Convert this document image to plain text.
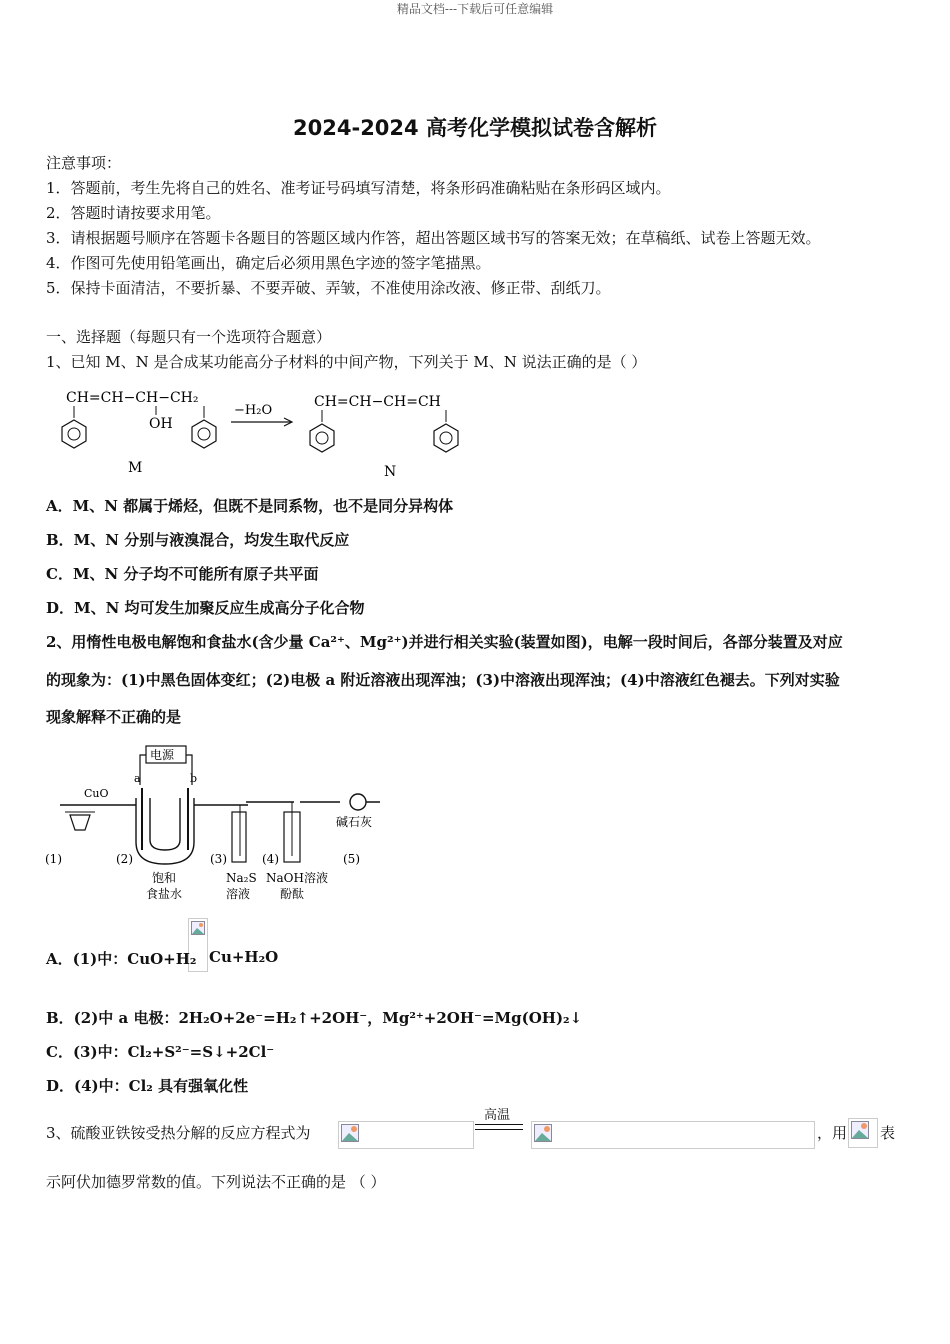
精品文档---下载后可任意编辑
2024-2024 高考化学模拟试卷含解析
注意事项：
1．答题前，考生先将自己的姓名、准考证号码填写清楚，将条形码准确粘贴在条形码区域内。
2．答题时请按要求用笔。
3．请根据题号顺序在答题卡各题目的答题区域内作答，超出答题区域书写的答案无效；在草稿纸、试卷上答题无效。
4．作图可先使用铅笔画出，确定后必须用黑色字迹的签字笔描黑。
5．保持卡面清洁，不要折暴、不要弄破、弄皱，不准使用涂改液、修正带、刮纸刀。
一、选择题（每题只有一个选项符合题意）
1、已知 M、N 是合成某功能高分子材料的中间产物，下列关于 M、N 说法正确的是（ ）
CH=CH−CH−CH₂
OH
−H₂O
CH=CH−CH=CH
M	N
A．M、N 都属于烯烃，但既不是同系物，也不是同分异构体
B．M、N 分别与液溴混合，均发生取代反应
C．M、N 分子均不可能所有原子共平面
D．M、N 均可发生加聚反应生成高分子化合物
2、用惰性电极电解饱和食盐水(含少量 Ca²⁺、Mg²⁺)并进行相关实验(装置如图)，电解一段时间后，各部分装置及对应
的现象为：(1)中黑色固体变红；(2)电极 a 附近溶液出现浑浊；(3)中溶液出现浑浊；(4)中溶液红色褪去。下列对实验
现象解释不正确的是
电源
a	b
CuO
碱石灰
(1)	(2)	(3)	(4)	(5)
饱和
食盐水
Na₂S
溶液
NaOH溶液
酚酞
A．(1)中：CuO+H₂ Cu+H₂O
B．(2)中 a 电极：2H₂O+2e⁻=H₂↑+2OH⁻，Mg²⁺+2OH⁻=Mg(OH)₂↓
C．(3)中：Cl₂+S²⁻=S↓+2Cl⁻
D．(4)中：Cl₂ 具有强氧化性
3、硫酸亚铁铵受热分解的反应方程式为
高温
，用 表
示阿伏加德罗常数的值。下列说法不正确的是 （ ）
